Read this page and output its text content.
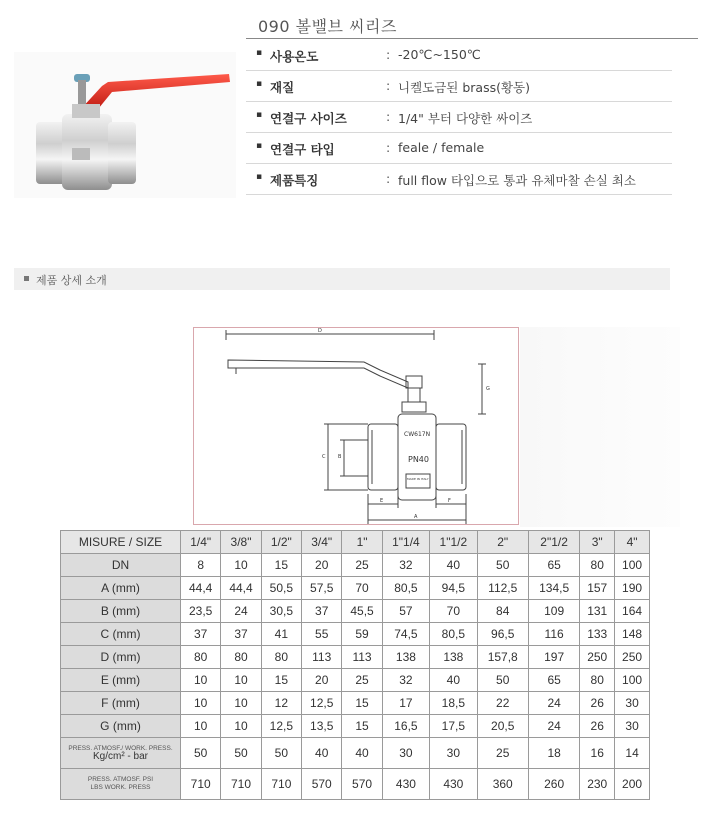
090 볼밸브 씨리즈
▪ 사용온도	: -20℃~150℃
▪ 재질	: 니켈도금된 brass(황동)
▪ 연결구 사이즈	: 1/4" 부터 다양한 싸이즈
▪ 연결구 타입	: feale / female
▪ 제품특징	: full flow 타입으로 통과 유체마찰 손실 최소
제품 상세 소개
D
G
C	B
E
A
F
CW617N
PN40
MADE IN ITALY
MISURE / SIZE	1/4"	3/8"	1/2"	3/4"	1"	1"1/4	1"1/2	2"	2"1/2	3"	4"
DN	8	10	15	20	25	32	40	50	65	80	100
A (mm)	44,4	44,4	50,5	57,5	70	80,5	94,5	112,5	134,5	157	190
B (mm)	23,5	24	30,5	37	45,5	57	70	84	109	131	164
C (mm)	37	37	41	55	59	74,5	80,5	96,5	116	133	148
D (mm)	80	80	80	113	113	138	138	157,8	197	250	250
E (mm)	10	10	15	20	25	32	40	50	65	80	100
F (mm)	10	10	12	12,5	15	17	18,5	22	24	26	30
G (mm)	10	10	12,5	13,5	15	16,5	17,5	20,5	24	26	30
PRESS. ATMOSF./ WORK. PRESS.
Kg/cm² - bar	50	50	50	40	40	30	30	25	18	16	14
PRESS. ATMOSF. PSI
LBS WORK. PRESS	710	710	710	570	570	430	430	360	260	230	200
